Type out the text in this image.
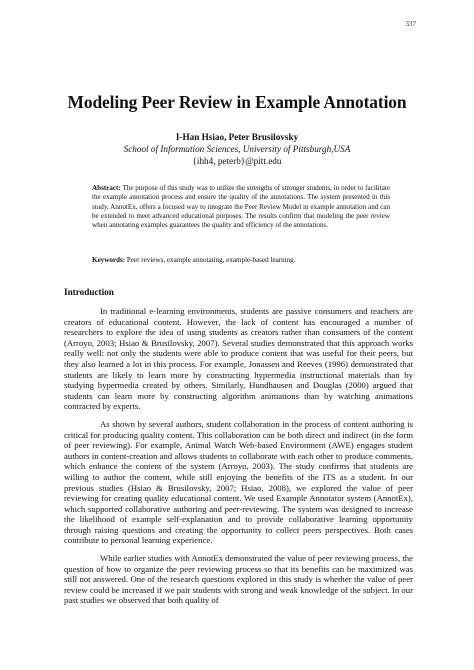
337
Modeling Peer Review in Example Annotation
I-Han Hsiao, Peter Brusilovsky
School of Information Sciences, University of Pittsburgh,USA
{ihh4, peterb}@pitt.edu
Abstract: The purpose of this study was to utilize the strengths of stronger students, in order to facilitate the example annotation process and ensure the quality of the annotations. The system presented in this study, AnnotEx, offers a focused way to integrate the Peer Review Model in example annotation and can be extended to meet advanced educational purposes. The results confirm that modeling the peer review when annotating examples guarantees the quality and efficiency of the annotations.
Keywords: Peer reviews, example annotating, example-based learning.
Introduction

In traditional e-learning environments, students are passive consumers and teachers are creators of educational content. However, the lack of content has encouraged a number of researchers to explore the idea of using students as creators rather than consumers of the content (Arroyo, 2003; Hsiao & Brusilovsky, 2007). Several studies demonstrated that this approach works really well: not only the students were able to produce content that was useful for their peers, but they also learned a lot in this process. For example, Jonassen and Reeves (1996) demonstrated that students are likely to learn more by constructing hypermedia instructional materials than by studying hypermedia created by others. Similarly, Hundhausen and Douglas (2000) argued that students can learn more by constructing algorithm animations than by watching animations contracted by experts.

As shown by several authors, student collaboration in the process of content authoring is critical for producing quality content. This collaboration can be both direct and indirect (in the form of peer reviewing). For example, Animal Watch Web-based Environment (AWE) engages student authors in content-creation and allows students to collaborate with each other to produce comments, which enhance the content of the system (Arroyo, 2003). The study confirms that students are willing to author the content, while still enjoying the benefits of the ITS as a student. In our previous studies (Hsiao & Brusilovsky, 2007; Hsiao, 2008), we explored the value of peer reviewing for creating quality educational content. We used Example Annotator system (AnnotEx), which supported collaborative authoring and peer-reviewing. The system was designed to increase the likelihood of example self-explanation and to provide collaborative learning opportunity through raising questions and creating the opportunity to collect peers perspectives. Both cases contribute to personal learning experience.

While earlier studies with AnnotEx demonstrated the value of peer reviewing process, the question of how to organize the peer reviewing process so that its benefits can be maximized was still not answered. One of the research questions explored in this study is whether the value of peer review could be increased if we pair students with strong and weak knowledge of the subject. In our past studies we observed that both quality of
